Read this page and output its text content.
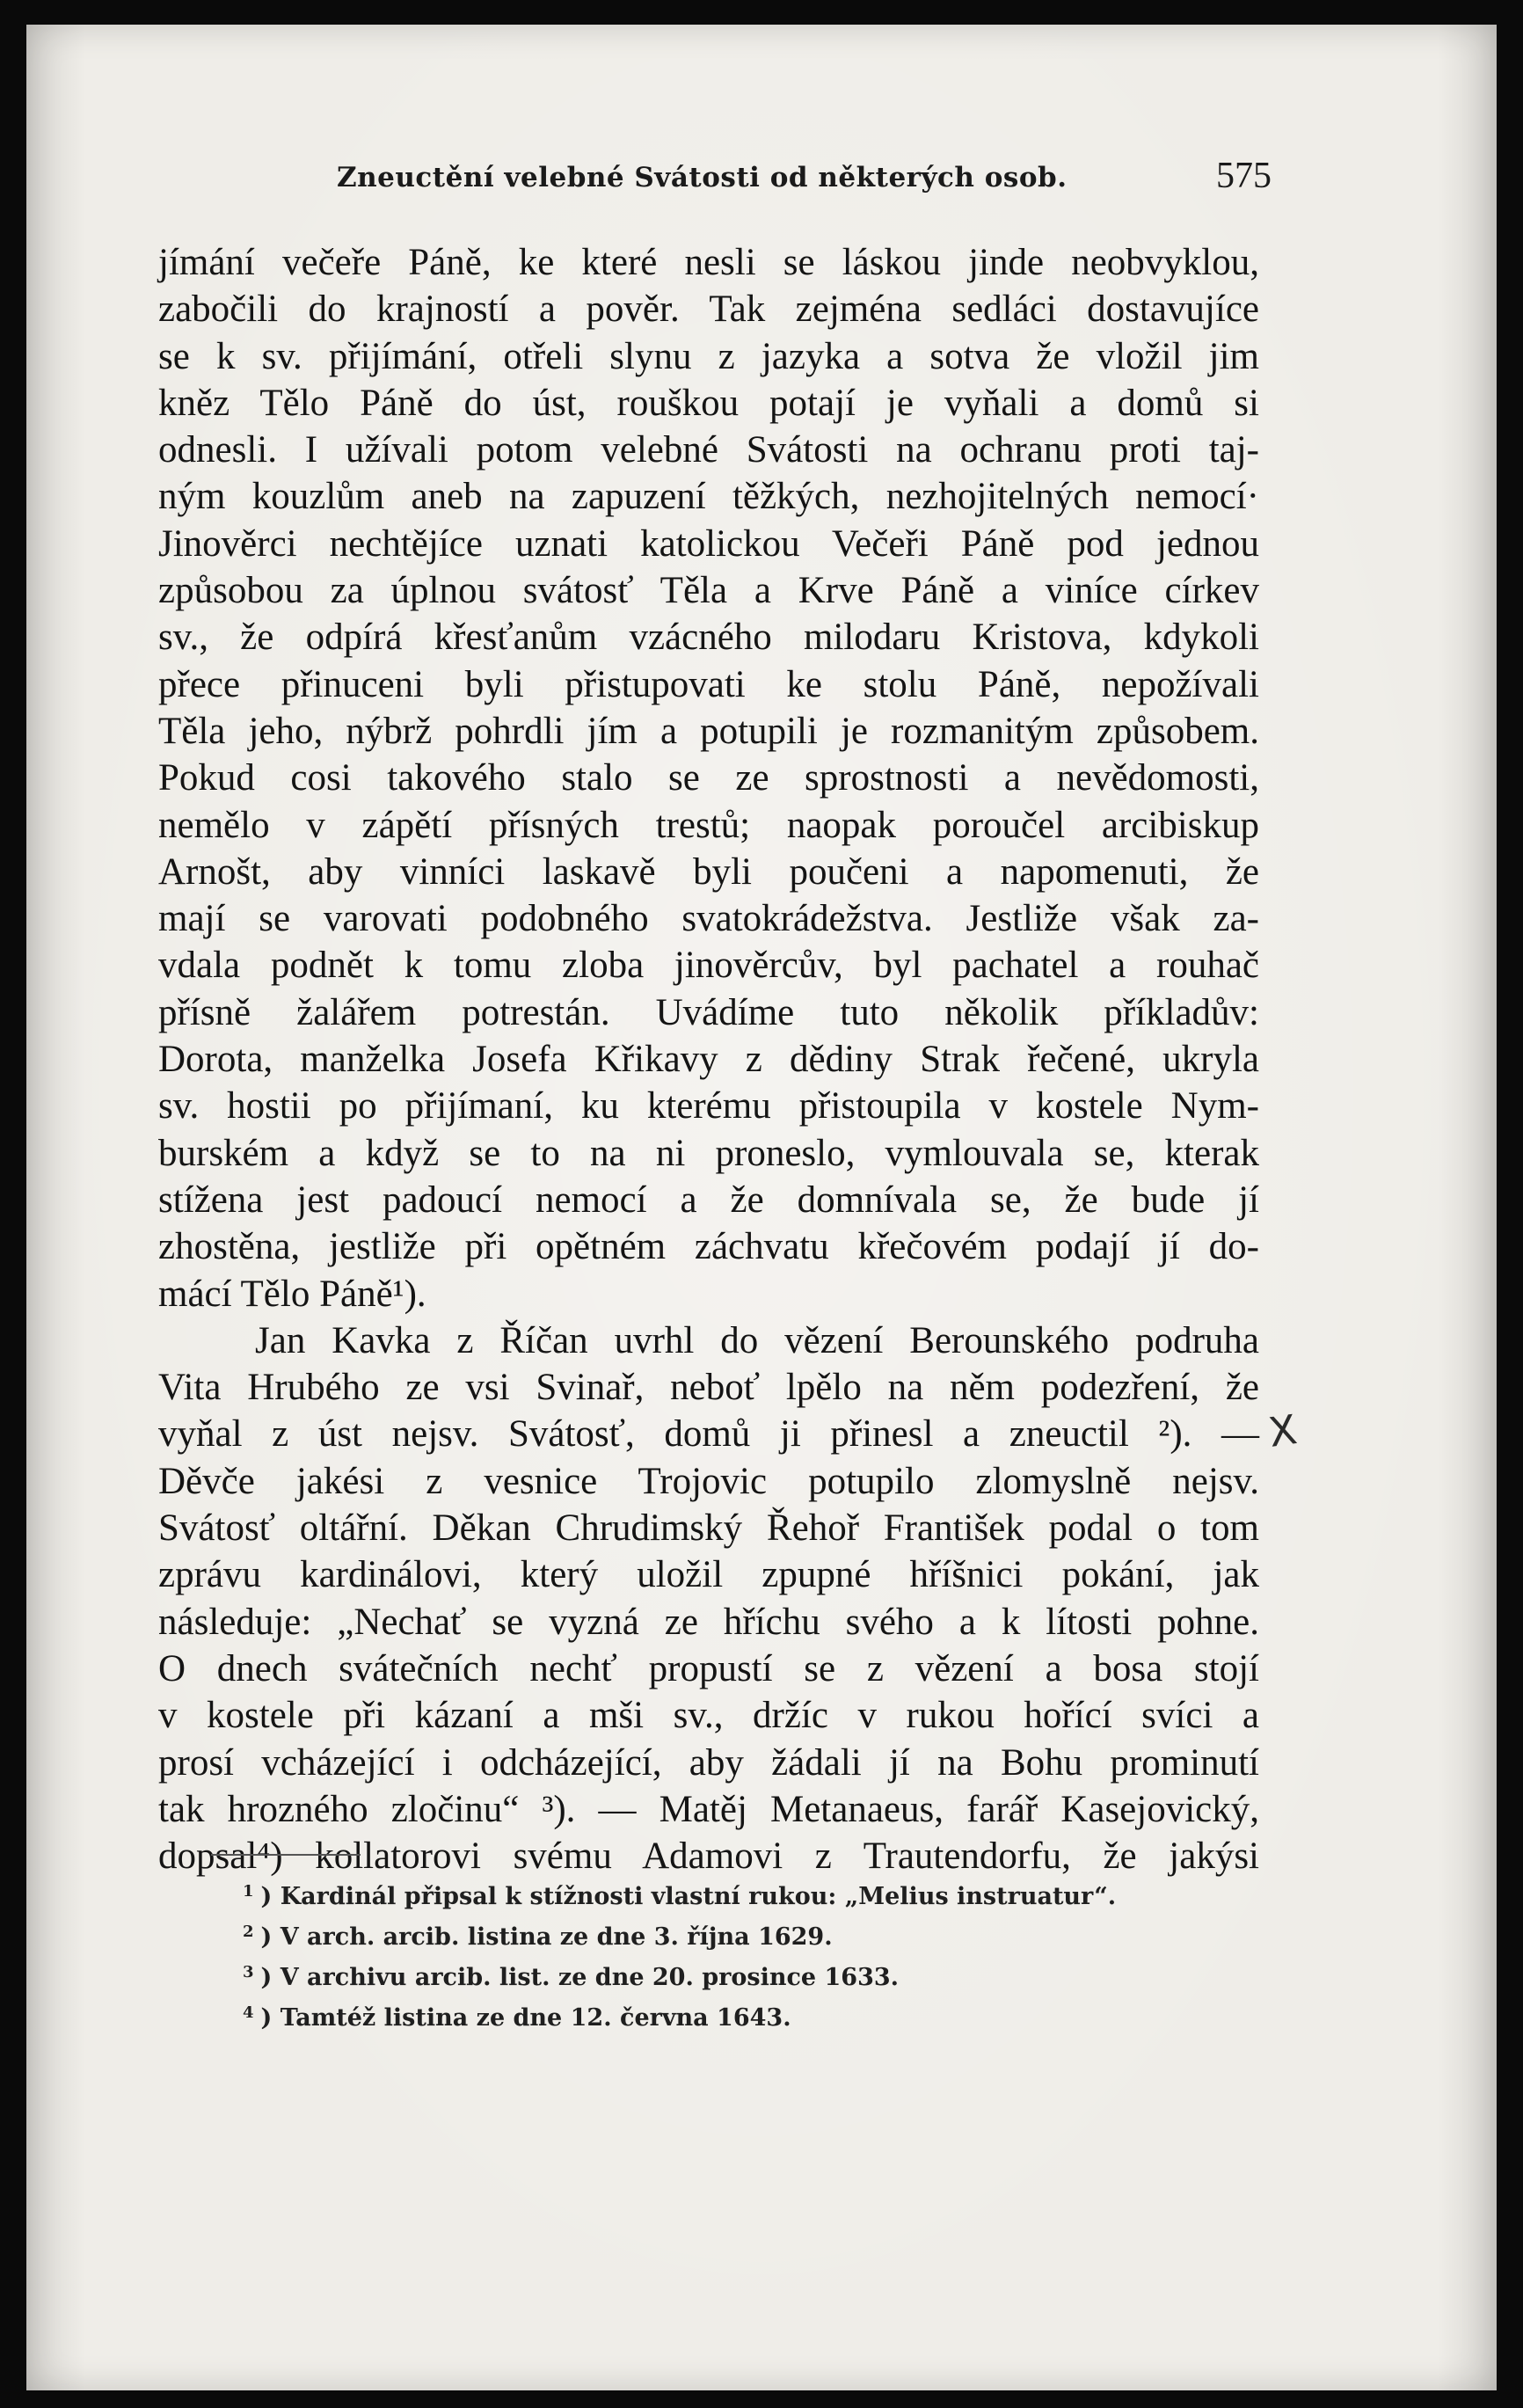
Zneuctění velebné Svátosti od některých osob.	575
jímání večeře Páně, ke které nesli se láskou jinde neobvyklou,
zabočili do krajností a pověr. Tak zejména sedláci dostavujíce
se k sv. přijímání, otřeli slynu z jazyka a sotva že vložil jim
kněz Tělo Páně do úst, rouškou potají je vyňali a domů si
odnesli. I užívali potom velebné Svátosti na ochranu proti taj-
ným kouzlům aneb na zapuzení těžkých, nezhojitelných nemocí·
Jinověrci nechtějíce uznati katolickou Večeři Páně pod jednou
způsobou za úplnou svátosť Těla a Krve Páně a viníce církev
sv., že odpírá křesťanům vzácného milodaru Kristova, kdykoli
přece přinuceni byli přistupovati ke stolu Páně, nepožívali
Těla jeho, nýbrž pohrdli jím a potupili je rozmanitým způsobem.
Pokud cosi takového stalo se ze sprostnosti a nevědomosti,
nemělo v zápětí přísných trestů; naopak poroučel arcibiskup
Arnošt, aby vinníci laskavě byli poučeni a napomenuti, že
mají se varovati podobného svatokrádežstva. Jestliže však za-
vdala podnět k tomu zloba jinověrcův, byl pachatel a rouhač
přísně žalářem potrestán. Uvádíme tuto několik příkladův:
Dorota, manželka Josefa Křikavy z dědiny Strak řečené, ukryla
sv. hostii po přijímaní, ku kterému přistoupila v kostele Nym-
burském a když se to na ni proneslo, vymlouvala se, kterak
stížena jest padoucí nemocí a že domnívala se, že bude jí
zhostěna, jestliže při opětném záchvatu křečovém podají jí do-
mácí Tělo Páně¹).
Jan Kavka z Říčan uvrhl do vězení Berounského podruha
Vita Hrubého ze vsi Svinař, neboť lpělo na něm podezření, že
vyňal z úst nejsv. Svátosť, domů ji přinesl a zneuctil ²). —
Děvče jakési z vesnice Trojovic potupilo zlomyslně nejsv.
Svátosť oltářní. Děkan Chrudimský Řehoř František podal o tom
zprávu kardinálovi, který uložil zpupné hříšnici pokání, jak
následuje: „Nechať se vyzná ze hříchu svého a k lítosti pohne.
O dnech svátečních nechť propustí se z vězení a bosa stojí
v kostele při kázaní a mši sv., držíc v rukou hořící svíci a
prosí vcházející i odcházející, aby žádali jí na Bohu prominutí
tak hrozného zločinu“ ³). — Matěj Metanaeus, farář Kasejovický,
dopsal⁴) kollatorovi svému Adamovi z Trautendorfu, že jakýsi
X
$^1$ ) Kardinál připsal k stížnosti vlastní rukou: „Melius instruatur“.
$^2$ ) V arch. arcib. listina ze dne 3. října 1629.
$^3$ ) V archivu arcib. list. ze dne 20. prosince 1633.
$^4$ ) Tamtéž listina ze dne 12. června 1643.
